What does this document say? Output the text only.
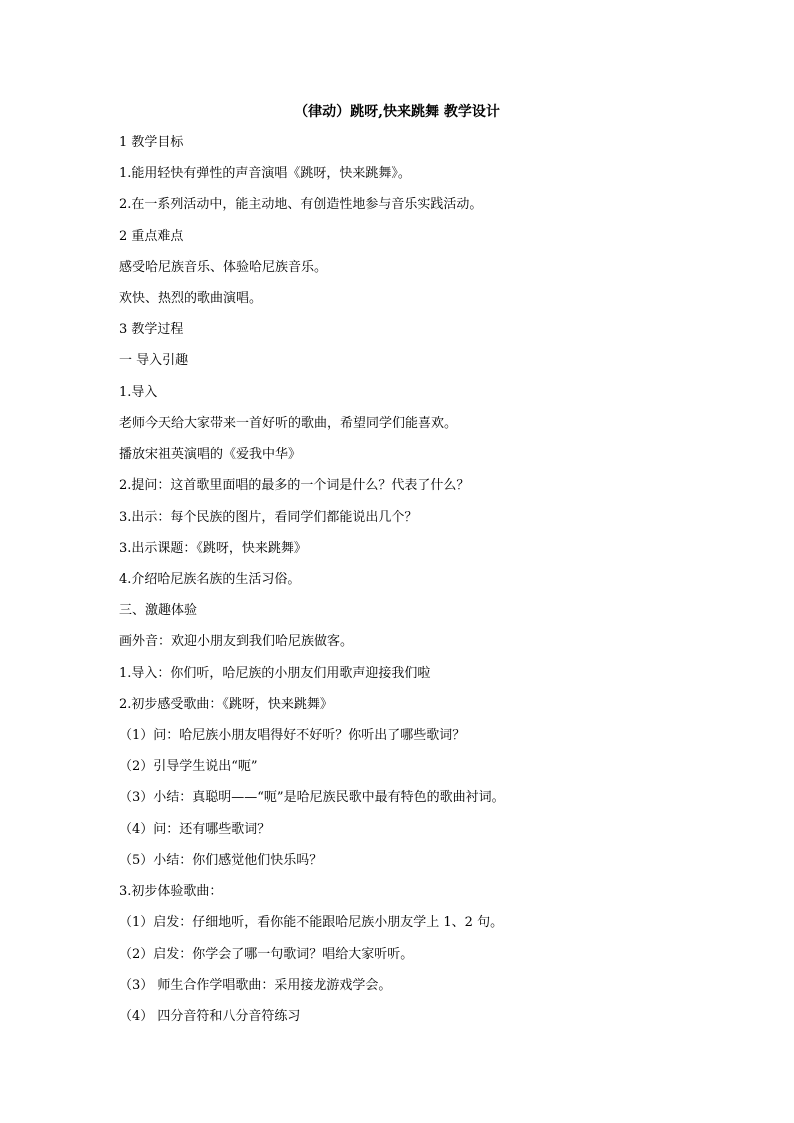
（律动）跳呀,快来跳舞 教学设计
1 教学目标
1.能用轻快有弹性的声音演唱《跳呀，快来跳舞》。
2.在一系列活动中，能主动地、有创造性地参与音乐实践活动。
2 重点难点
感受哈尼族音乐、体验哈尼族音乐。
欢快、热烈的歌曲演唱。
3 教学过程
一 导入引趣
1.导入
老师今天给大家带来一首好听的歌曲，希望同学们能喜欢。
播放宋祖英演唱的《爱我中华》
2.提问：这首歌里面唱的最多的一个词是什么？代表了什么？
3.出示：每个民族的图片，看同学们都能说出几个？
3.出示课题：《跳呀，快来跳舞》
4.介绍哈尼族名族的生活习俗。
三、激趣体验
画外音：欢迎小朋友到我们哈尼族做客。
1.导入：你们听，哈尼族的小朋友们用歌声迎接我们啦
2.初步感受歌曲：《跳呀，快来跳舞》
（1）问：哈尼族小朋友唱得好不好听？你听出了哪些歌词？
（2）引导学生说出“呃”
（3）小结：真聪明——“呃”是哈尼族民歌中最有特色的歌曲衬词。
（4）问：还有哪些歌词？
（5）小结：你们感觉他们快乐吗？
3.初步体验歌曲：
（1）启发：仔细地听，看你能不能跟哈尼族小朋友学上 1、2 句。
（2）启发：你学会了哪一句歌词？唱给大家听听。
（3） 师生合作学唱歌曲：采用接龙游戏学会。
（4） 四分音符和八分音符练习
